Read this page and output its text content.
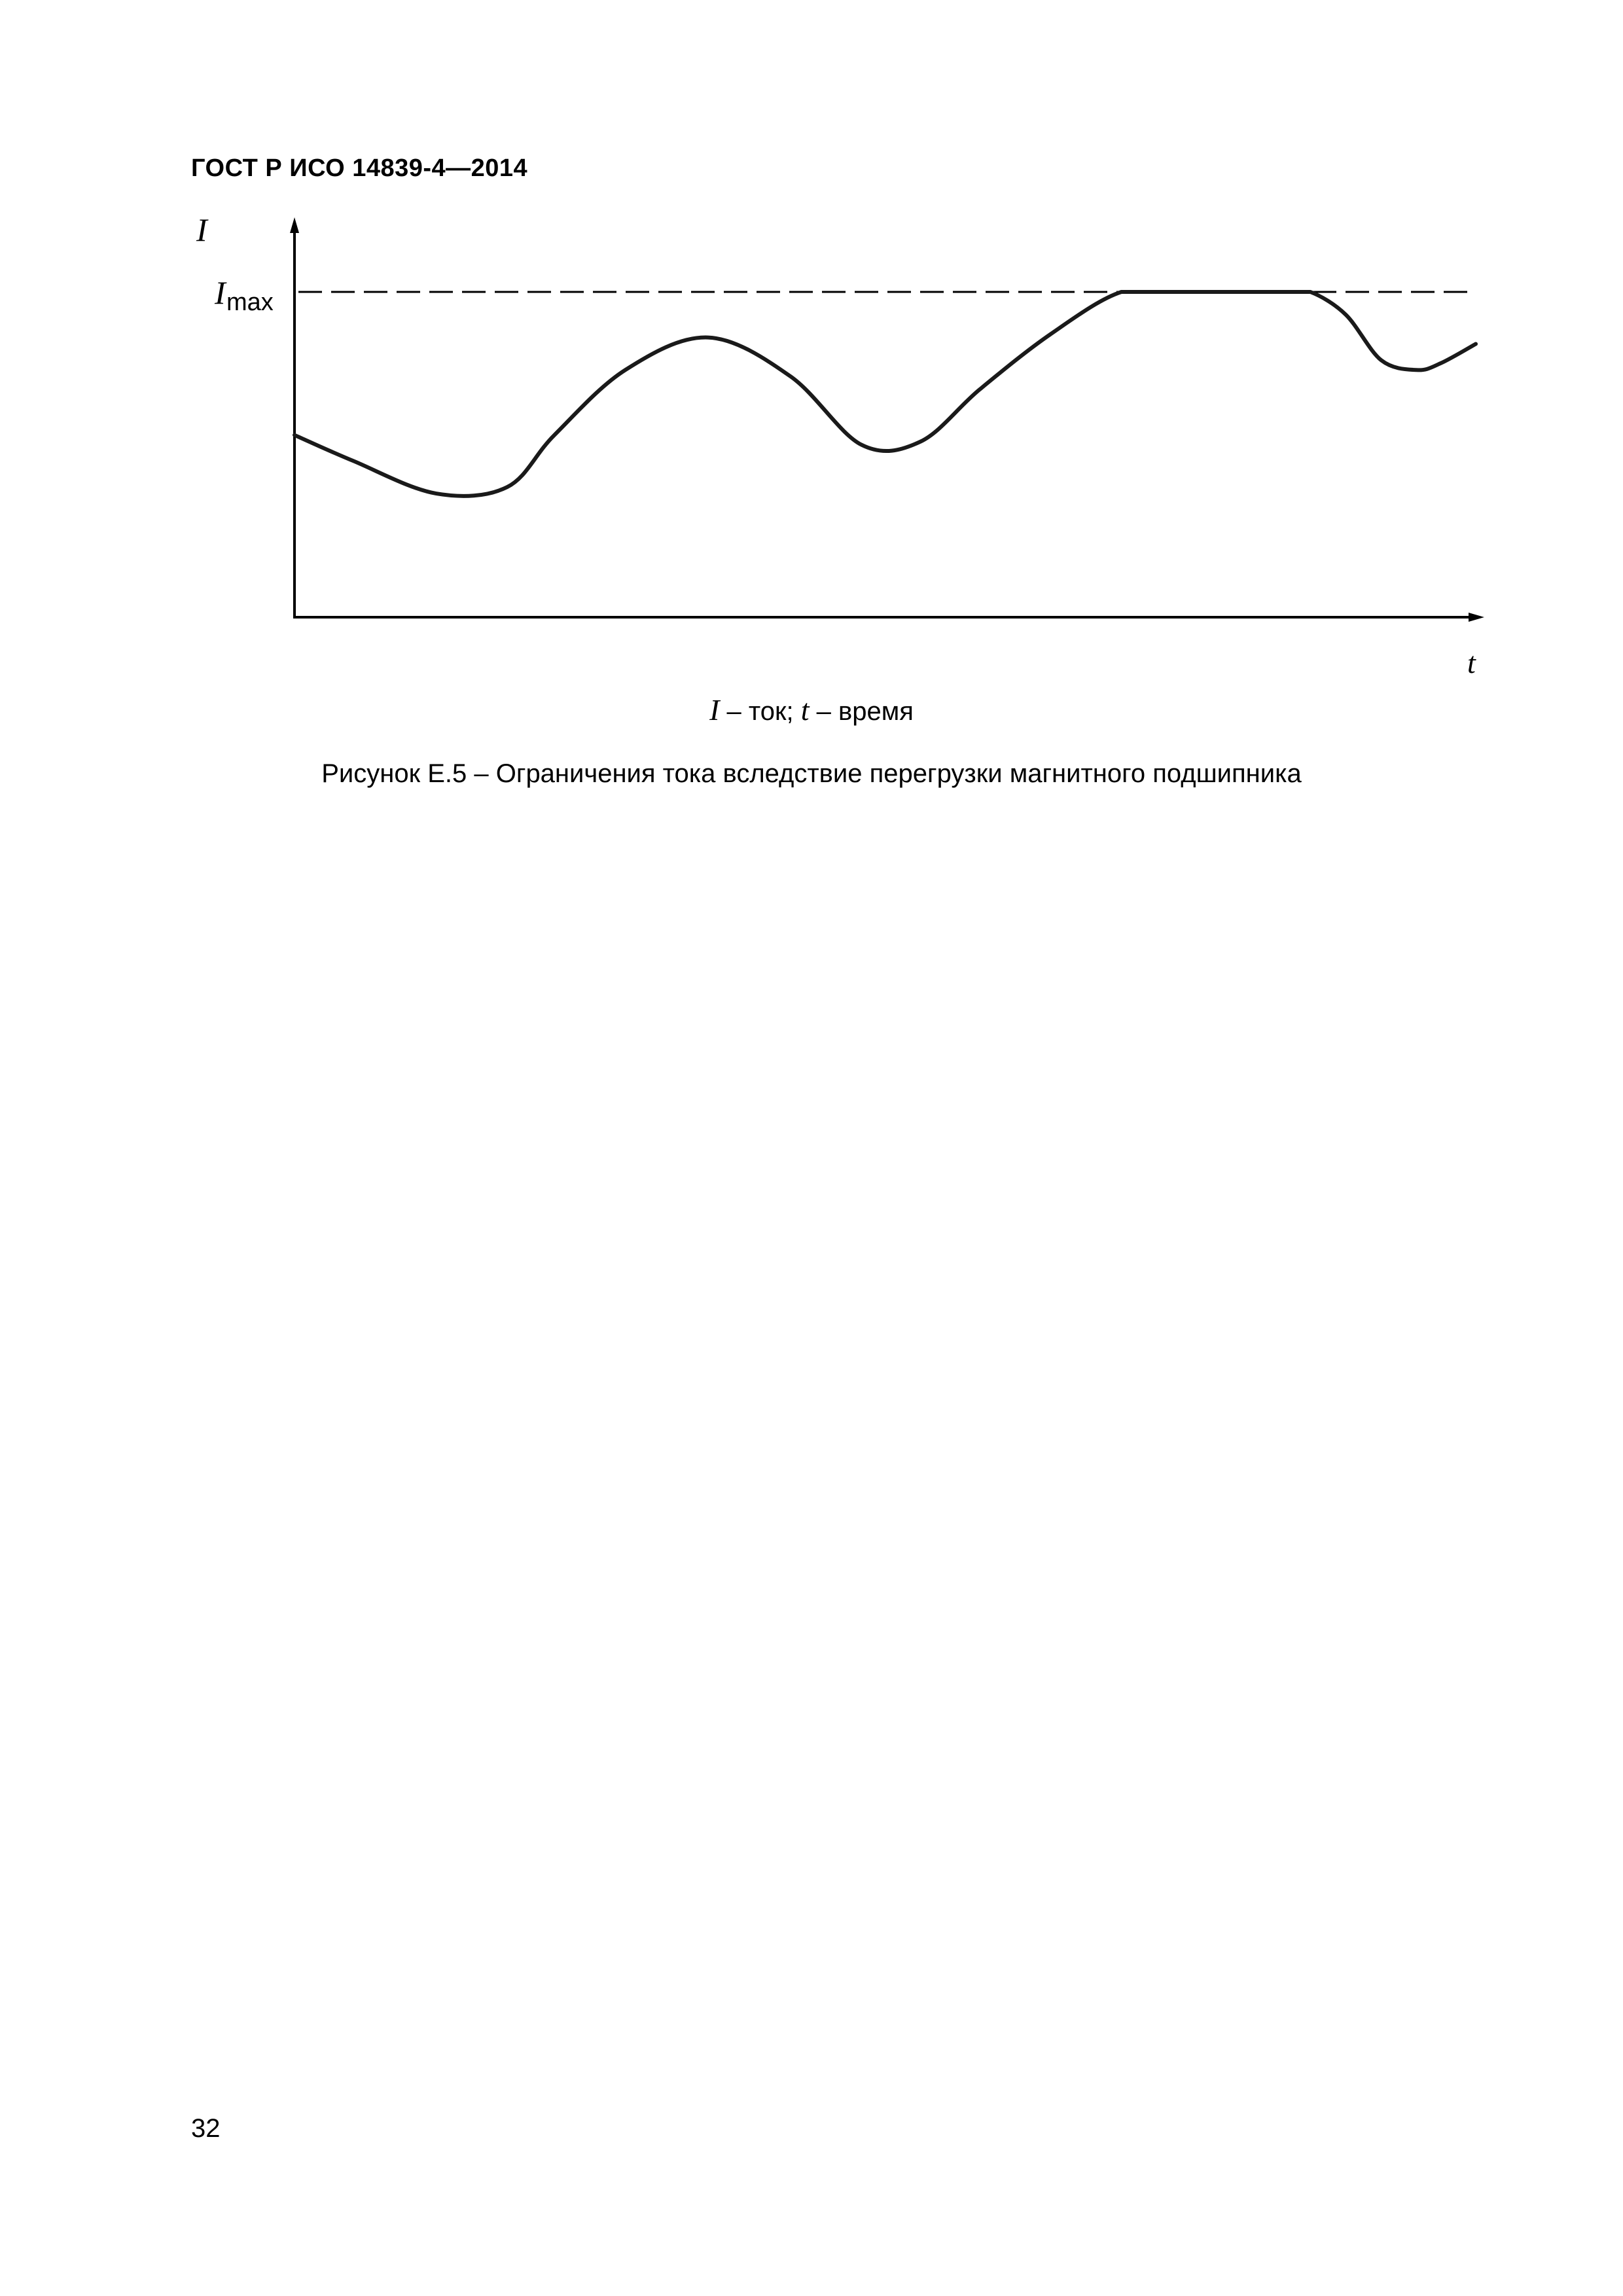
ГОСТ Р ИСО 14839-4—2014
I
t
I max
I – ток; t – время
Рисунок Е.5 – Ограничения тока вследствие перегрузки магнитного подшипника
32
